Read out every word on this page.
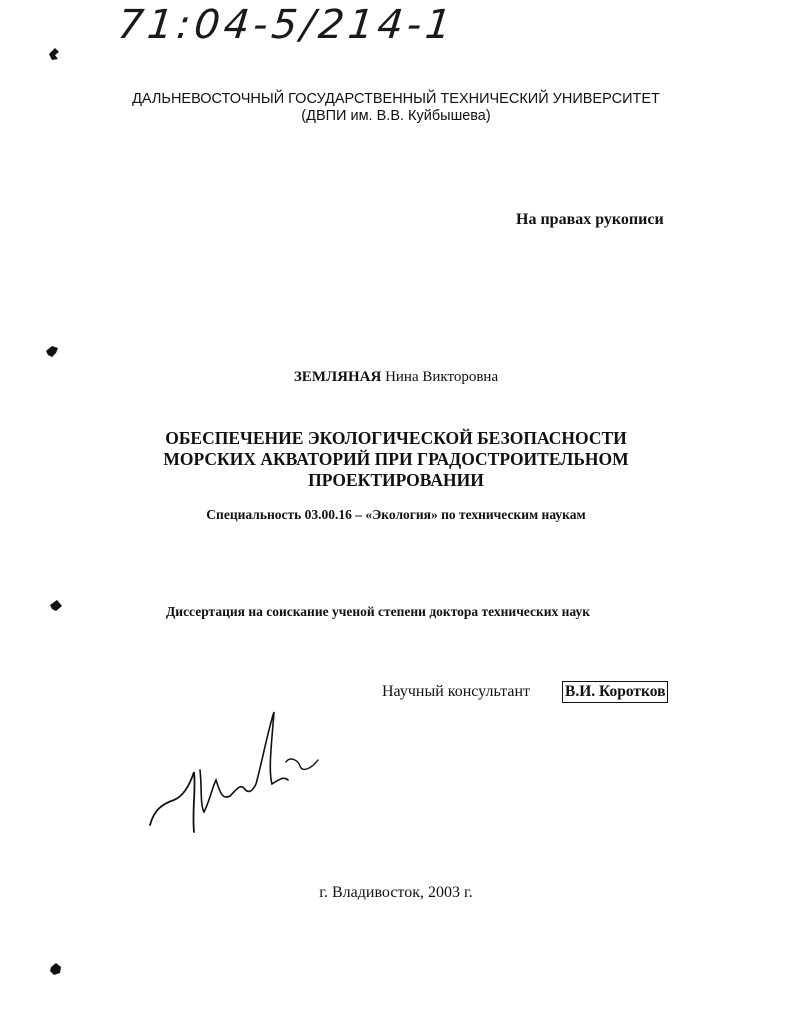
71:04-5/214-1
ДАЛЬНЕВОСТОЧНЫЙ ГОСУДАРСТВЕННЫЙ ТЕХНИЧЕСКИЙ УНИВЕРСИТЕТ
(ДВПИ им. В.В. Куйбышева)
На правах рукописи
ЗЕМЛЯНАЯ Нина Викторовна
ОБЕСПЕЧЕНИЕ ЭКОЛОГИЧЕСКОЙ БЕЗОПАСНОСТИ
МОРСКИХ АКВАТОРИЙ ПРИ ГРАДОСТРОИТЕЛЬНОМ
ПРОЕКТИРОВАНИИ
Специальность 03.00.16 – «Экология» по техническим наукам
Диссертация на соискание ученой степени доктора технических наук
Научный консультант В.И. Коротков
г. Владивосток, 2003 г.
